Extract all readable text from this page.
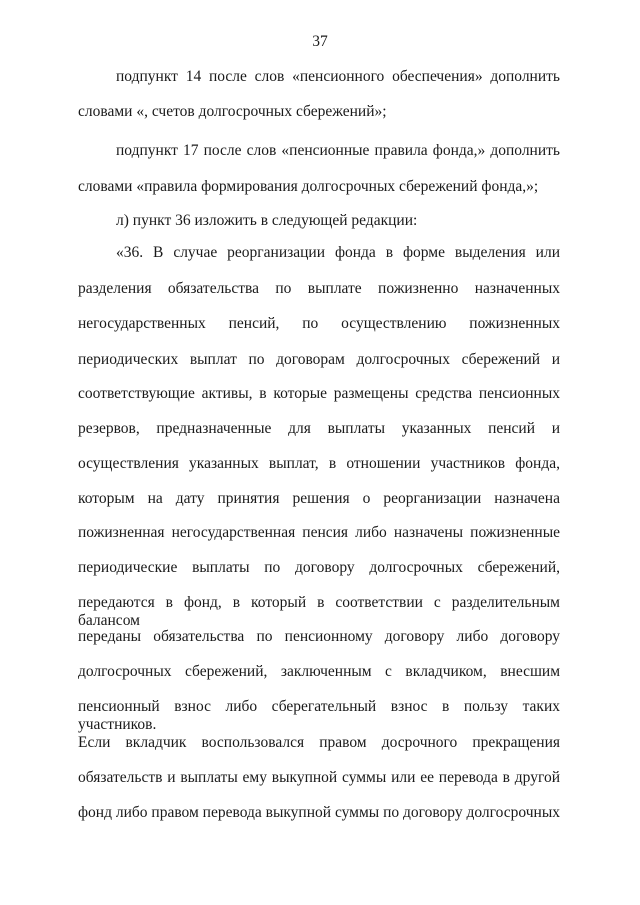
37
подпункт 14 после слов «пенсионного обеспечения» дополнить
словами «, счетов долгосрочных сбережений»;
подпункт 17 после слов «пенсионные правила фонда,» дополнить
словами «правила формирования долгосрочных сбережений фонда,»;
л) пункт 36 изложить в следующей редакции:
«36. В случае реорганизации фонда в форме выделения или
разделения обязательства по выплате пожизненно назначенных
негосударственных пенсий, по осуществлению пожизненных
периодических выплат по договорам долгосрочных сбережений и
соответствующие активы, в которые размещены средства пенсионных
резервов, предназначенные для выплаты указанных пенсий и
осуществления указанных выплат, в отношении участников фонда,
которым на дату принятия решения о реорганизации назначена
пожизненная негосударственная пенсия либо назначены пожизненные
периодические выплаты по договору долгосрочных сбережений,
передаются в фонд, в который в соответствии с разделительным балансом
переданы обязательства по пенсионному договору либо договору
долгосрочных сбережений, заключенным с вкладчиком, внесшим
пенсионный взнос либо сберегательный взнос в пользу таких участников.
Если вкладчик воспользовался правом досрочного прекращения
обязательств и выплаты ему выкупной суммы или ее перевода в другой
фонд либо правом перевода выкупной суммы по договору долгосрочных
